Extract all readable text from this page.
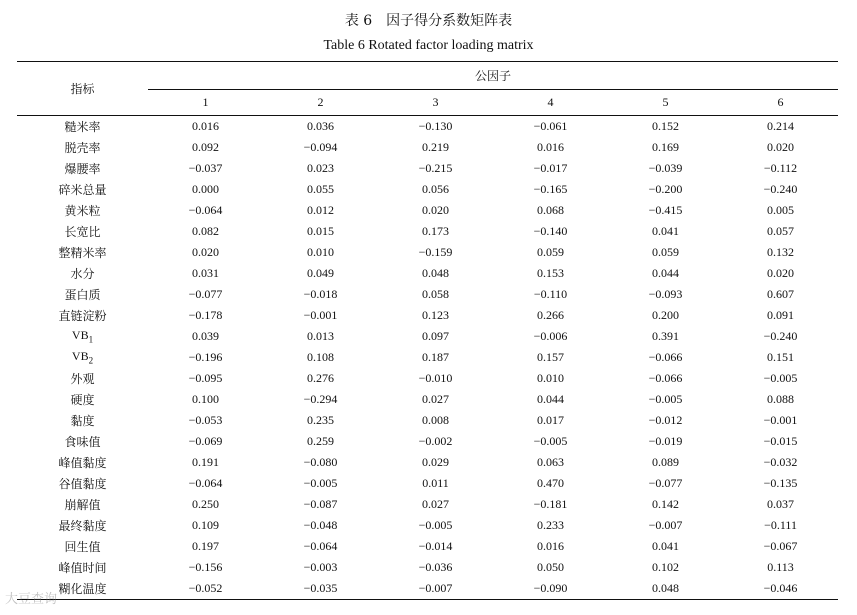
表 6　因子得分系数矩阵表
Table 6 Rotated factor loading matrix
指标	公因子					
	1	2	3	4	5	6
糙米率	0.016	0.036	−0.130	−0.061	0.152	0.214
脱壳率	0.092	−0.094	0.219	0.016	0.169	0.020
爆腰率	−0.037	0.023	−0.215	−0.017	−0.039	−0.112
碎米总量	0.000	0.055	0.056	−0.165	−0.200	−0.240
黄米粒	−0.064	0.012	0.020	0.068	−0.415	0.005
长宽比	0.082	0.015	0.173	−0.140	0.041	0.057
整精米率	0.020	0.010	−0.159	0.059	0.059	0.132
水分	0.031	0.049	0.048	0.153	0.044	0.020
蛋白质	−0.077	−0.018	0.058	−0.110	−0.093	0.607
直链淀粉	−0.178	−0.001	0.123	0.266	0.200	0.091
$VB_1$	0.039	0.013	0.097	−0.006	0.391	−0.240
$VB_2$	−0.196	0.108	0.187	0.157	−0.066	0.151
外观	−0.095	0.276	−0.010	0.010	−0.066	−0.005
硬度	0.100	−0.294	0.027	0.044	−0.005	0.088
黏度	−0.053	0.235	0.008	0.017	−0.012	−0.001
食味值	−0.069	0.259	−0.002	−0.005	−0.019	−0.015
峰值黏度	0.191	−0.080	0.029	0.063	0.089	−0.032
谷值黏度	−0.064	−0.005	0.011	0.470	−0.077	−0.135
崩解值	0.250	−0.087	0.027	−0.181	0.142	0.037
最终黏度	0.109	−0.048	−0.005	0.233	−0.007	−0.111
回生值	0.197	−0.064	−0.014	0.016	0.041	−0.067
峰值时间	−0.156	−0.003	−0.036	0.050	0.102	0.113
糊化温度	−0.052	−0.035	−0.007	−0.090	0.048	−0.046
大豆查询
